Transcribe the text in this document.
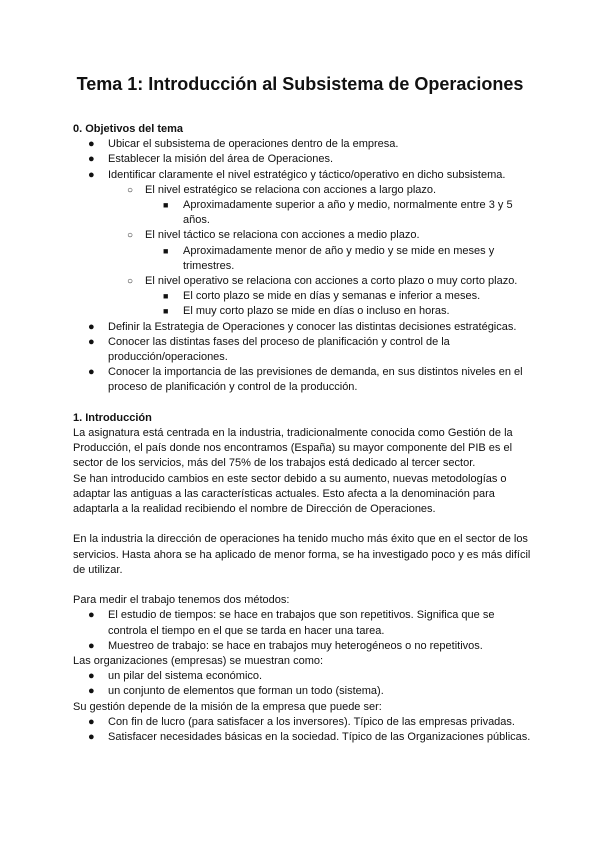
Tema 1: Introducción al Subsistema de Operaciones

0. Objetivos del tema

● Ubicar el subsistema de operaciones dentro de la empresa.
● Establecer la misión del área de Operaciones.
● Identificar claramente el nivel estratégico y táctico/operativo en dicho subsistema.
○ El nivel estratégico se relaciona con acciones a largo plazo.
■ Aproximadamente superior a año y medio, normalmente entre 3 y 5 años.
○ El nivel táctico se relaciona con acciones a medio plazo.
■ Aproximadamente menor de año y medio y se mide en meses y trimestres.
○ El nivel operativo se relaciona con acciones a corto plazo o muy corto plazo.
■ El corto plazo se mide en días y semanas e inferior a meses.
■ El muy corto plazo se mide en días o incluso en horas.
● Definir la Estrategia de Operaciones y conocer las distintas decisiones estratégicas.
● Conocer las distintas fases del proceso de planificación y control de la producción/operaciones.
● Conocer la importancia de las previsiones de demanda, en sus distintos niveles en el proceso de planificación y control de la producción.

1. Introducción

La asignatura está centrada en la industria, tradicionalmente conocida como Gestión de la Producción, el país donde nos encontramos (España) su mayor componente del PIB es el sector de los servicios, más del 75% de los trabajos está dedicado al tercer sector.

Se han introducido cambios en este sector debido a su aumento, nuevas metodologías o adaptar las antiguas a las características actuales. Esto afecta a la denominación para adaptarla a la realidad recibiendo el nombre de Dirección de Operaciones.

En la industria la dirección de operaciones ha tenido mucho más éxito que en el sector de los servicios. Hasta ahora se ha aplicado de menor forma, se ha investigado poco y es más difícil de utilizar.

Para medir el trabajo tenemos dos métodos:

● El estudio de tiempos: se hace en trabajos que son repetitivos. Significa que se controla el tiempo en el que se tarda en hacer una tarea.
● Muestreo de trabajo: se hace en trabajos muy heterogéneos o no repetitivos.

Las organizaciones (empresas) se muestran como:

● un pilar del sistema económico.
● un conjunto de elementos que forman un todo (sistema).

Su gestión depende de la misión de la empresa que puede ser:

● Con fin de lucro (para satisfacer a los inversores). Típico de las empresas privadas.
● Satisfacer necesidades básicas en la sociedad. Típico de las Organizaciones públicas.
